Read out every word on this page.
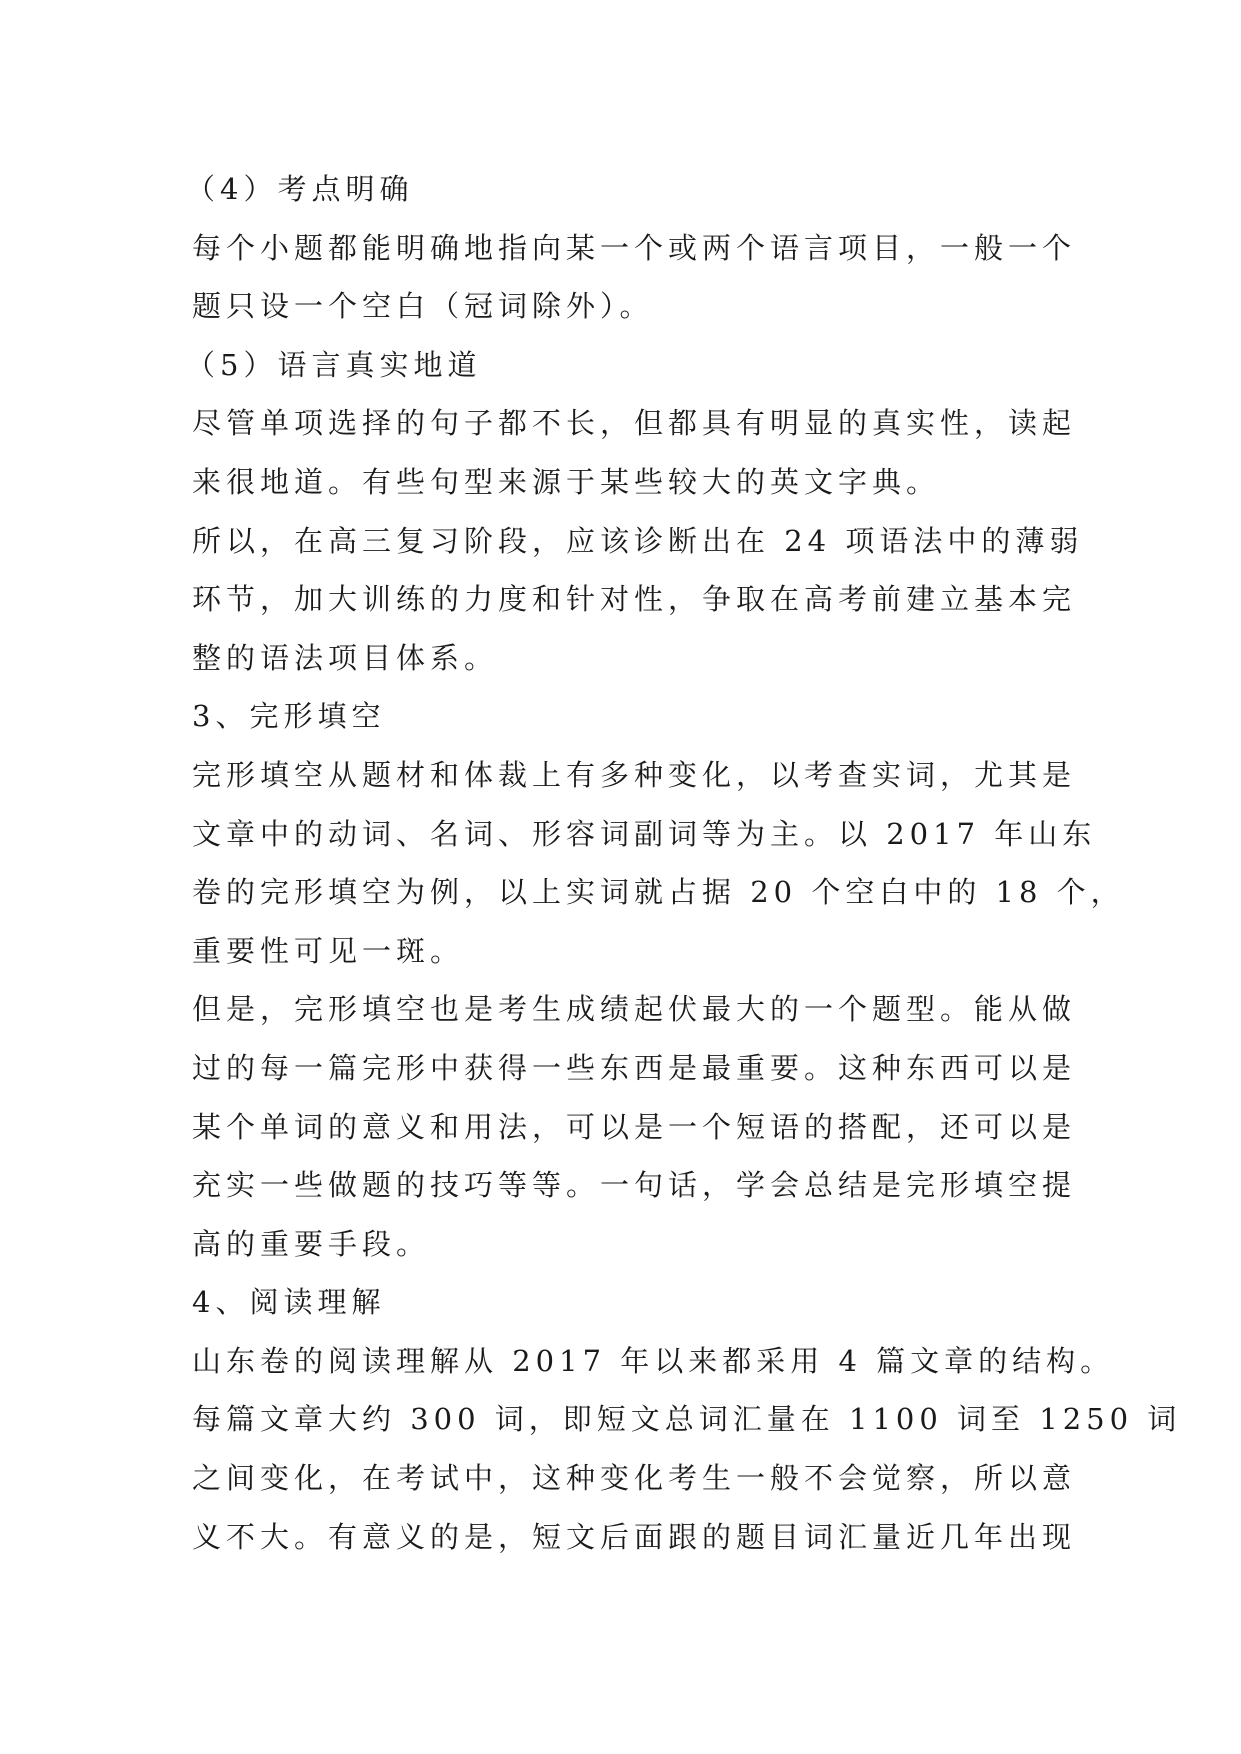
（4）考点明确
每个小题都能明确地指向某一个或两个语言项目，一般一个
题只设一个空白（冠词除外）。
（5）语言真实地道
尽管单项选择的句子都不长，但都具有明显的真实性，读起
来很地道。有些句型来源于某些较大的英文字典。
所以，在高三复习阶段，应该诊断出在 24 项语法中的薄弱
环节，加大训练的力度和针对性，争取在高考前建立基本完
整的语法项目体系。
3、完形填空
完形填空从题材和体裁上有多种变化，以考查实词，尤其是
文章中的动词、名词、形容词副词等为主。以 2017 年山东
卷的完形填空为例，以上实词就占据 20 个空白中的 18 个，
重要性可见一斑。
但是，完形填空也是考生成绩起伏最大的一个题型。能从做
过的每一篇完形中获得一些东西是最重要。这种东西可以是
某个单词的意义和用法，可以是一个短语的搭配，还可以是
充实一些做题的技巧等等。一句话，学会总结是完形填空提
高的重要手段。
4、阅读理解
山东卷的阅读理解从 2017 年以来都采用 4 篇文章的结构。
每篇文章大约 300 词，即短文总词汇量在 1100 词至 1250 词
之间变化，在考试中，这种变化考生一般不会觉察，所以意
义不大。有意义的是，短文后面跟的题目词汇量近几年出现
